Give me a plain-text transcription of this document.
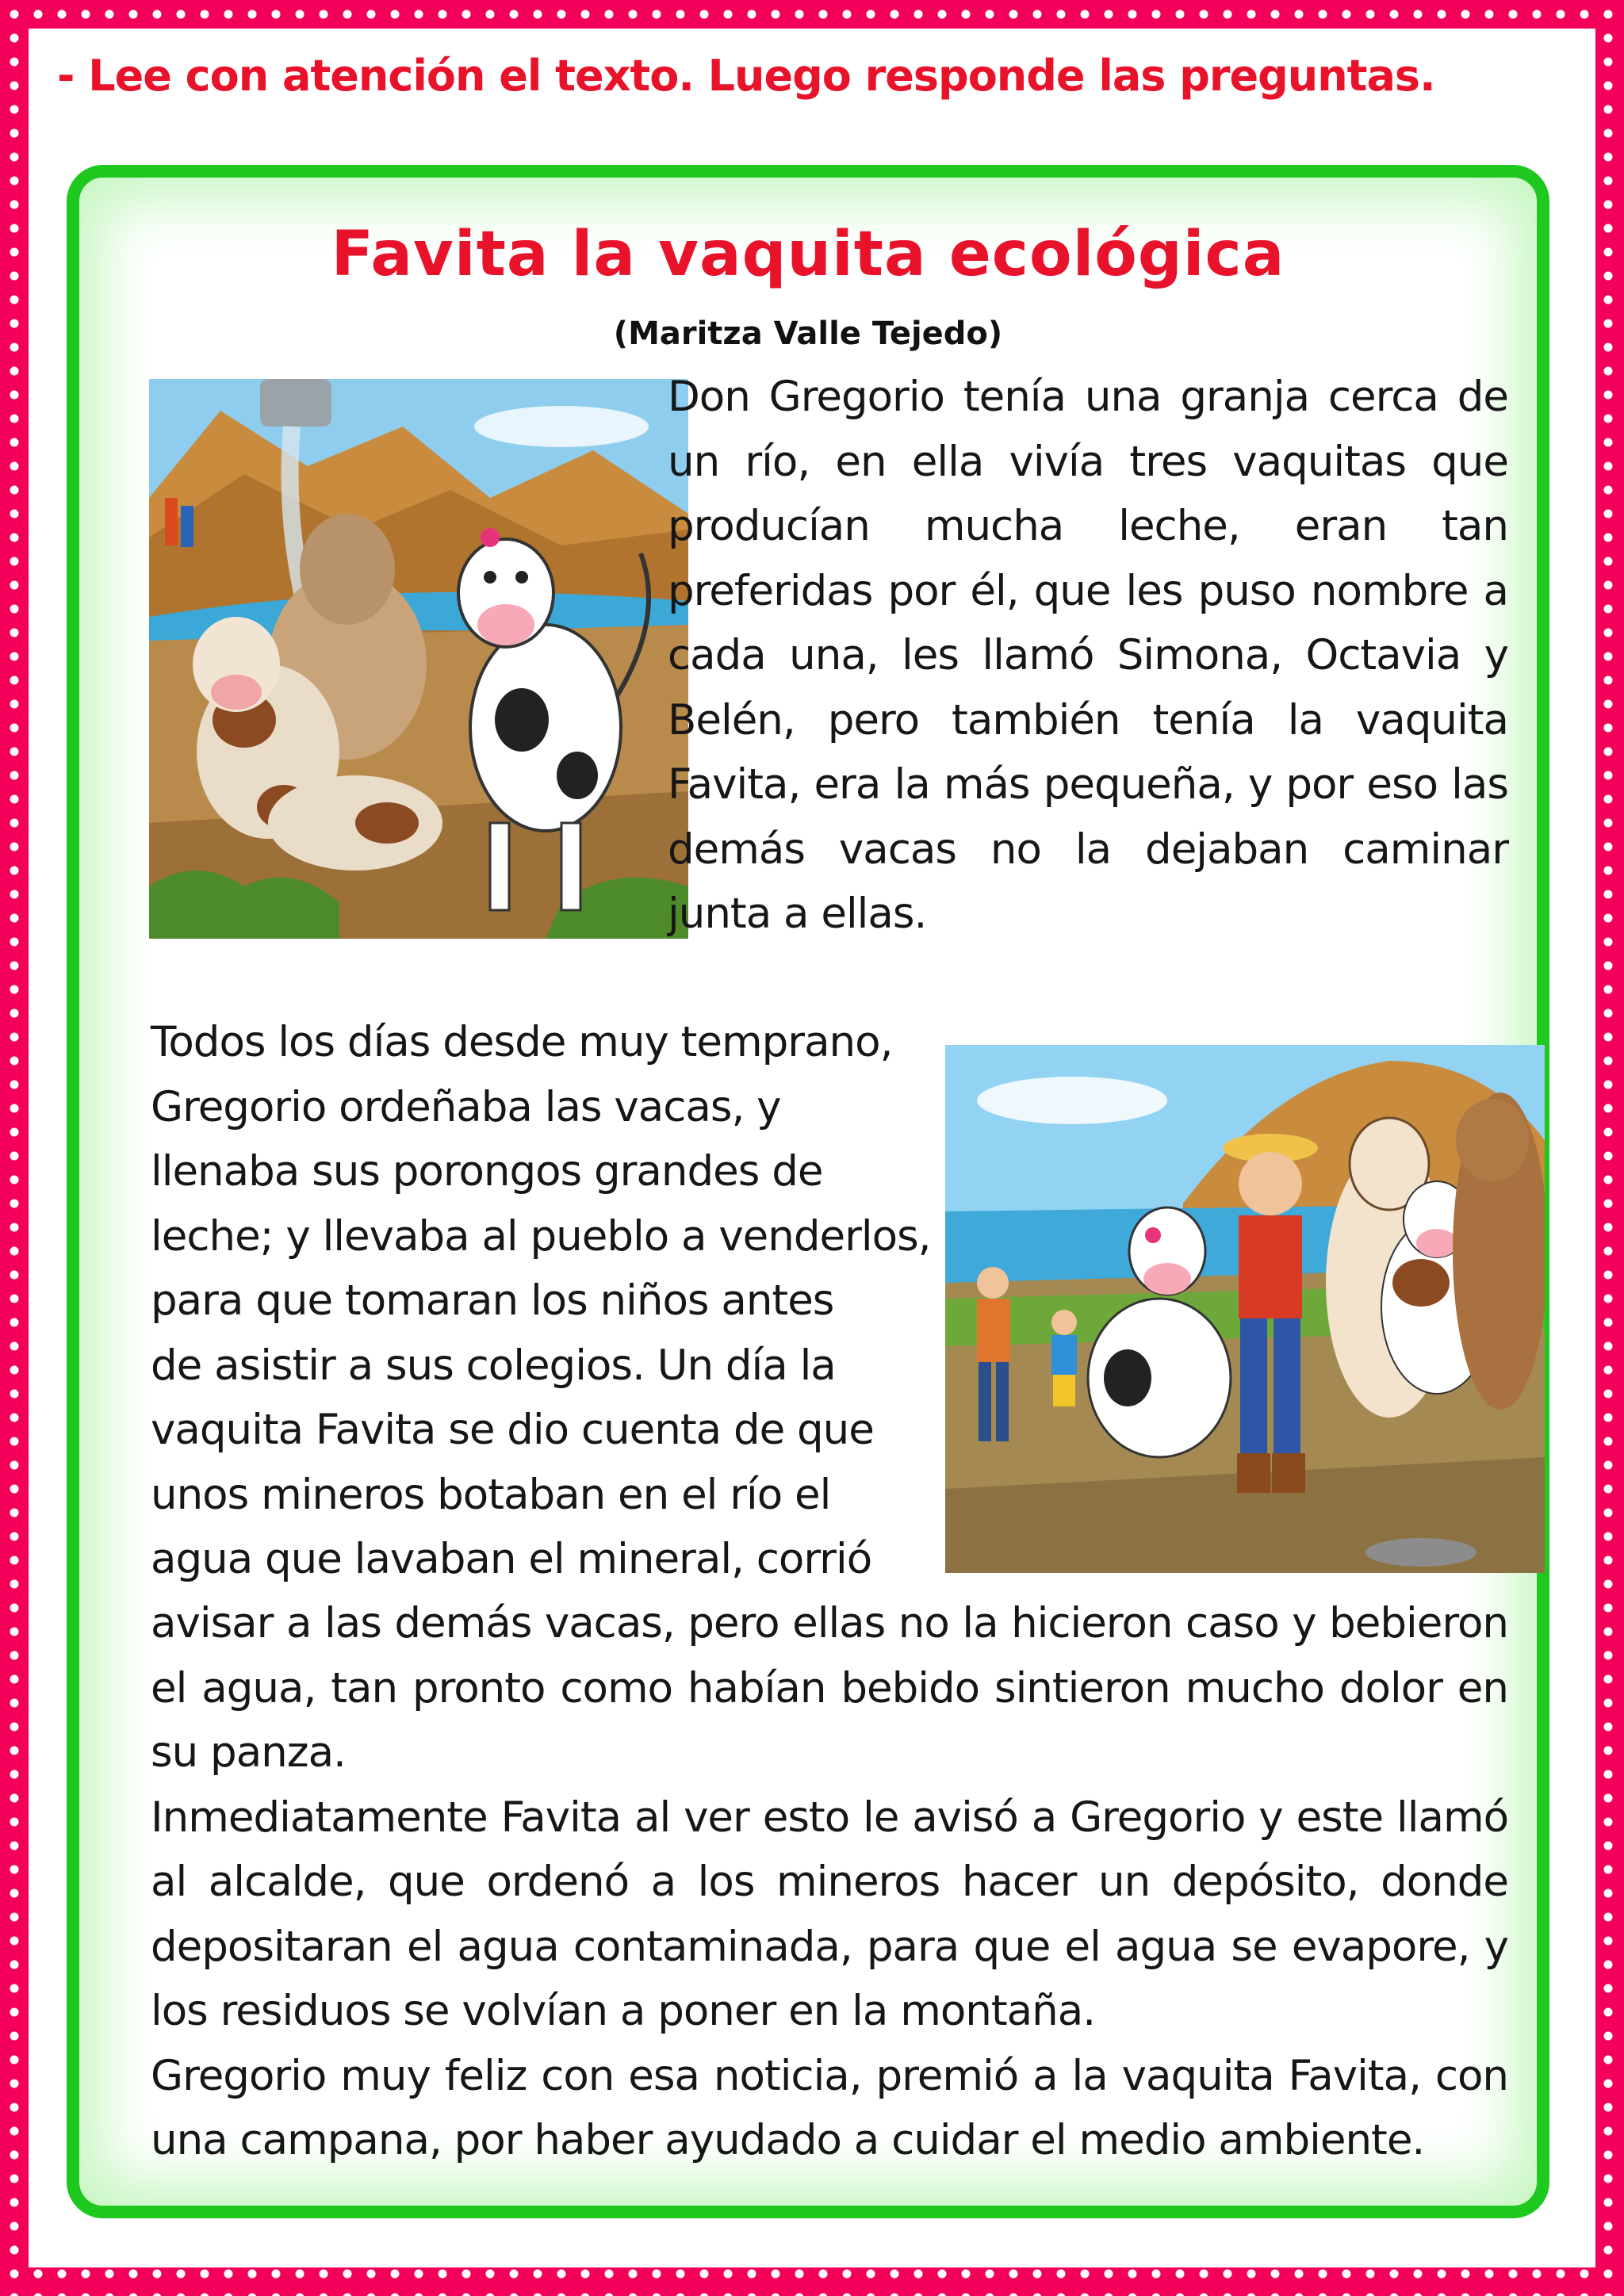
- Lee con atención el texto. Luego responde las preguntas.

Favita la vaquita ecológica

(Maritza Valle Tejedo)

Don Gregorio tenía una granja cerca de un río, en ella vivía tres vaquitas que producían mucha leche, eran tan preferidas por él, que les puso nombre a cada una, les llamó Simona, Octavia y Belén, pero también tenía la vaquita Favita, era la más pequeña, y por eso las demás vacas no la dejaban caminar junta a ellas.

Todos los días desde muy temprano,
Gregorio ordeñaba las vacas, y
llenaba sus porongos grandes de
leche; y llevaba al pueblo a venderlos,
para que tomaran los niños antes
de asistir a sus colegios. Un día la
vaquita Favita se dio cuenta de que
unos mineros botaban en el río el
agua que lavaban el mineral, corrió
avisar a las demás vacas, pero ellas no la hicieron caso y bebieron
el agua, tan pronto como habían bebido sintieron mucho dolor en
su panza.
Inmediatamente Favita al ver esto le avisó a Gregorio y este llamó
al alcalde, que ordenó a los mineros hacer un depósito, donde
depositaran el agua contaminada, para que el agua se evapore, y
los residuos se volvían a poner en la montaña.
Gregorio muy feliz con esa noticia, premió a la vaquita Favita, con
una campana, por haber ayudado a cuidar el medio ambiente.
